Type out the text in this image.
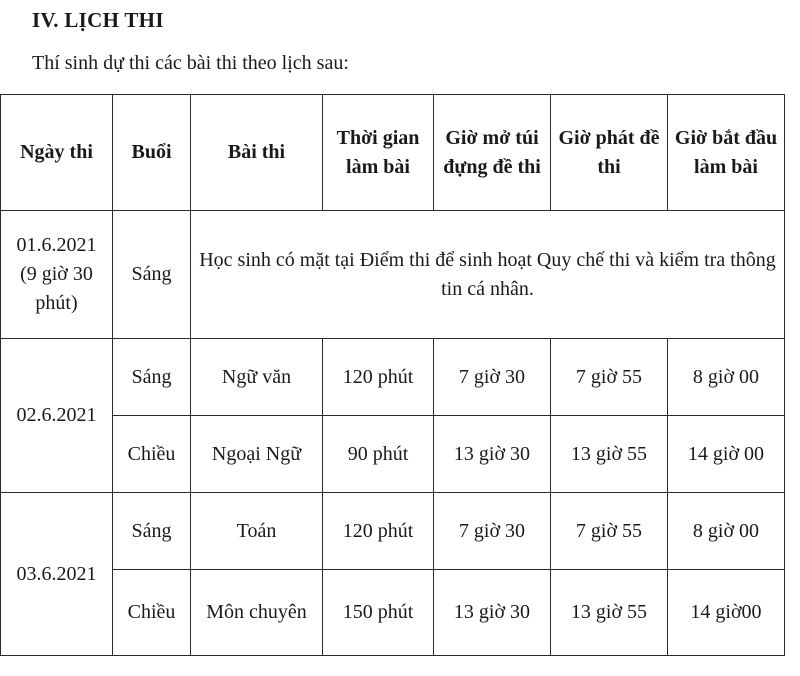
IV. LỊCH THI
Thí sinh dự thi các bài thi theo lịch sau:
Ngày thi	Buổi	Bài thi	Thời gian làm bài	Giờ mở túi đựng đề thi	Giờ phát đề thi	Giờ bắt đầu làm bài

01.6.2021
(9 giờ 30 phút)	Sáng	Học sinh có mặt tại Điểm thi để sinh hoạt Quy chế thi và kiểm tra thông tin cá nhân.				
02.6.2021	Sáng	Ngữ văn	120 phút	7 giờ 30	7 giờ 55	8 giờ 00
	Chiều	Ngoại Ngữ	90 phút	13 giờ 30	13 giờ 55	14 giờ 00
03.6.2021	Sáng	Toán	120 phút	7 giờ 30	7 giờ 55	8 giờ 00
	Chiều	Môn chuyên	150 phút	13 giờ 30	13 giờ 55	14 giờ00
